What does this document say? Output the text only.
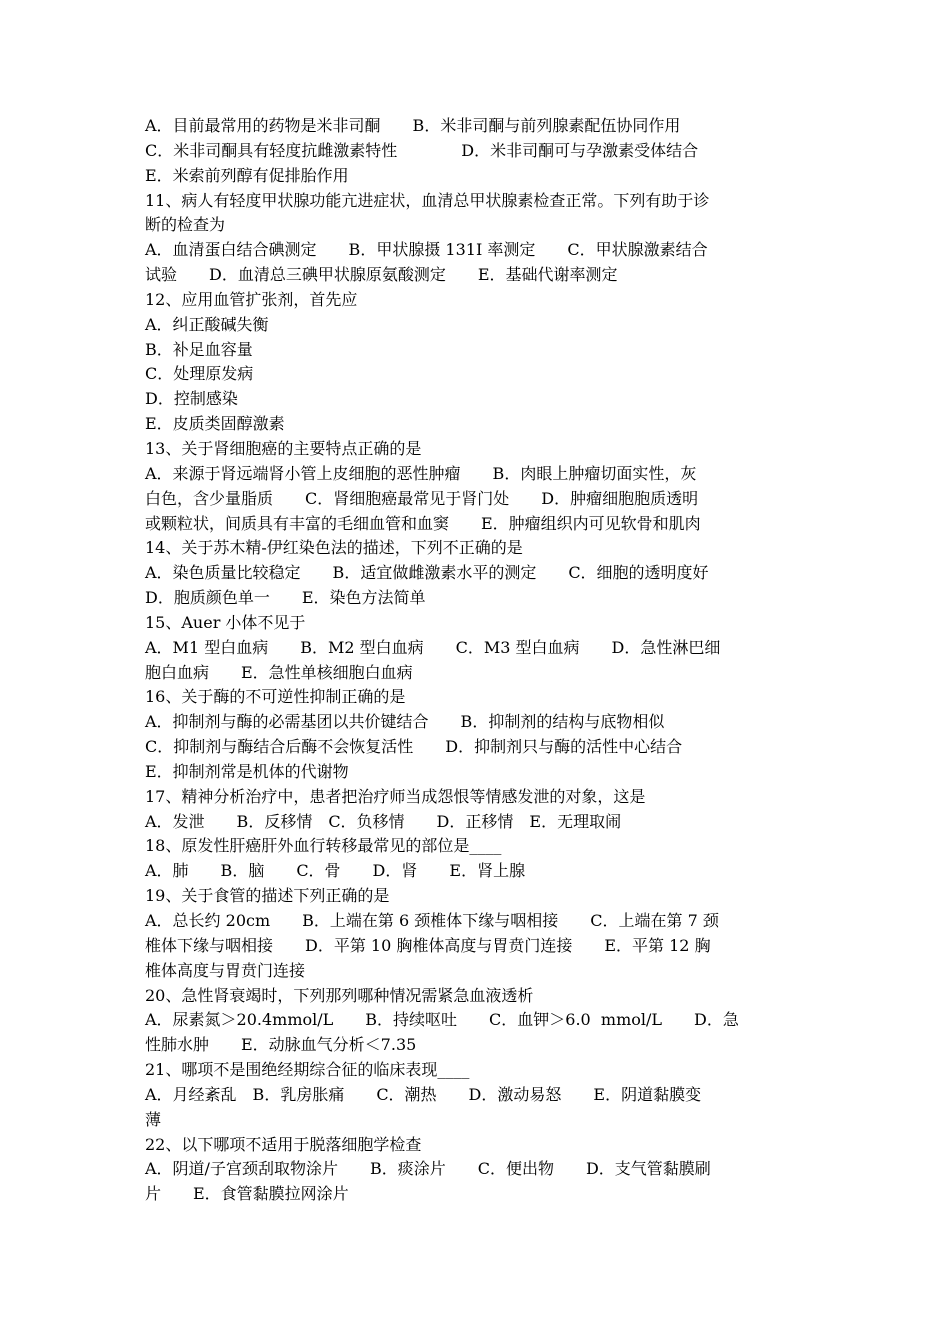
A．目前最常用的药物是米非司酮　　B．米非司酮与前列腺素配伍协同作用
C．米非司酮具有轻度抗雌激素特性　　　　D．米非司酮可与孕激素受体结合
E．米索前列醇有促排胎作用
11、病人有轻度甲状腺功能亢进症状，血清总甲状腺素检查正常。下列有助于诊
断的检查为
A．血清蛋白结合碘测定　　B．甲状腺摄 131I 率测定　　C．甲状腺激素结合
试验　　D．血清总三碘甲状腺原氨酸测定　　E．基础代谢率测定
12、应用血管扩张剂，首先应
A．纠正酸碱失衡
B．补足血容量
C．处理原发病
D．控制感染
E．皮质类固醇激素
13、关于肾细胞癌的主要特点正确的是
A．来源于肾远端肾小管上皮细胞的恶性肿瘤　　B．肉眼上肿瘤切面实性，灰
白色，含少量脂质　　C．肾细胞癌最常见于肾门处　　D．肿瘤细胞胞质透明
或颗粒状，间质具有丰富的毛细血管和血窦　　E．肿瘤组织内可见软骨和肌肉
14、关于苏木精-伊红染色法的描述，下列不正确的是
A．染色质量比较稳定　　B．适宜做雌激素水平的测定　　C．细胞的透明度好
D．胞质颜色单一　　E．染色方法简单
15、Auer 小体不见于
A．M1 型白血病　　B．M2 型白血病　　C．M3 型白血病　　D．急性淋巴细
胞白血病　　E．急性单核细胞白血病
16、关于酶的不可逆性抑制正确的是
A．抑制剂与酶的必需基团以共价键结合　　B．抑制剂的结构与底物相似
C．抑制剂与酶结合后酶不会恢复活性　　D．抑制剂只与酶的活性中心结合
E．抑制剂常是机体的代谢物
17、精神分析治疗中，患者把治疗师当成怨恨等情感发泄的对象，这是
A．发泄　　B．反移情　C．负移情　　D．正移情　E．无理取闹
18、原发性肝癌肝外血行转移最常见的部位是____
A．肺　　B．脑　　C．骨　　D．肾　　E．肾上腺
19、关于食管的描述下列正确的是
A．总长约 20cm　　B．上端在第 6 颈椎体下缘与咽相接　　C．上端在第 7 颈
椎体下缘与咽相接　　D．平第 10 胸椎体高度与胃贲门连接　　E．平第 12 胸
椎体高度与胃贲门连接
20、急性肾衰竭时，下列那列哪种情况需紧急血液透析
A．尿素氮＞20.4mmol/L　　B．持续呕吐　　C．血钾＞6.0  mmol/L　　D．急
性肺水肿　　E．动脉血气分析＜7.35
21、哪项不是围绝经期综合征的临床表现____
A．月经紊乱　B．乳房胀痛　　C．潮热　　D．激动易怒　　E．阴道黏膜变
薄
22、以下哪项不适用于脱落细胞学检查
A．阴道/子宫颈刮取物涂片　　B．痰涂片　　C．便出物　　D．支气管黏膜刷
片　　E．食管黏膜拉网涂片
